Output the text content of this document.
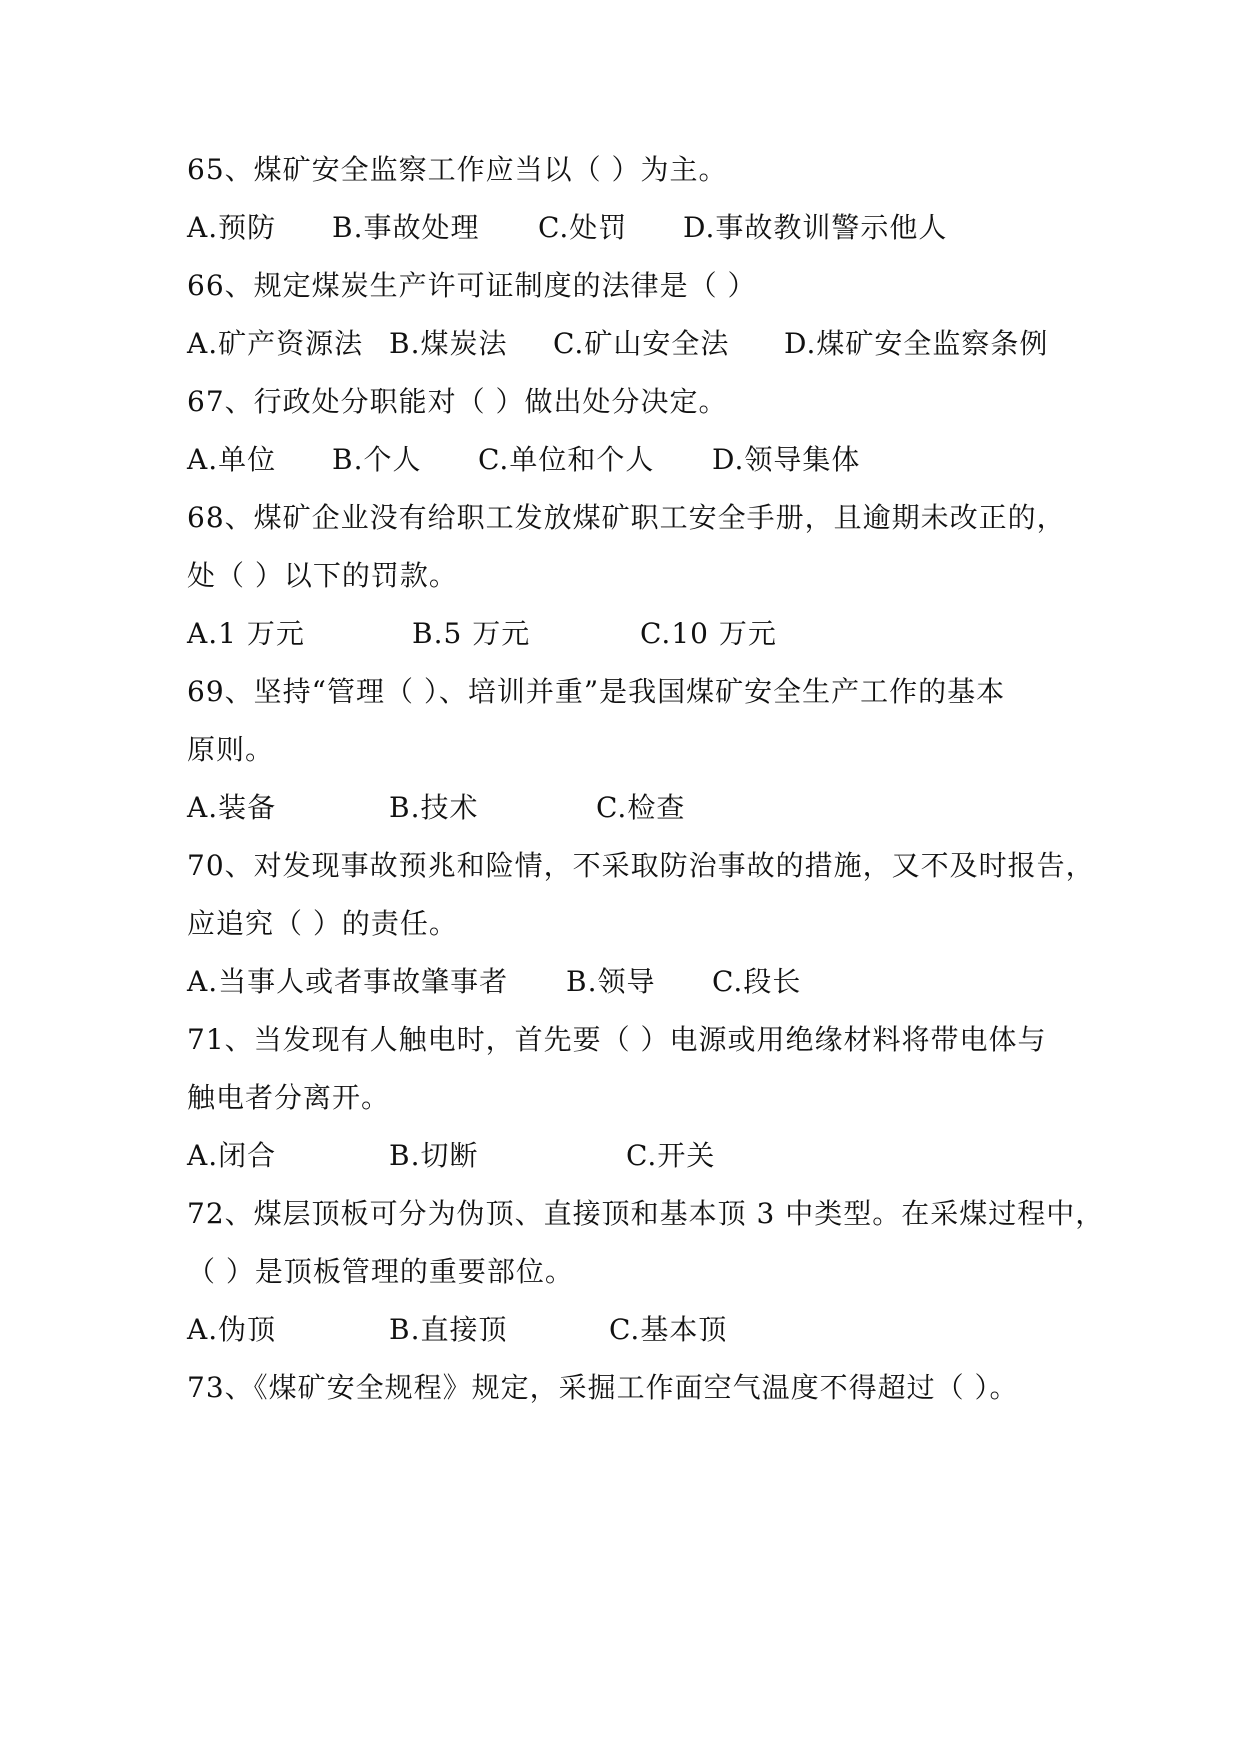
65、煤矿安全监察工作应当以（ ）为主。
A.预防 B.事故处理 C.处罚 D.事故教训警示他人
66、规定煤炭生产许可证制度的法律是（ ）
A.矿产资源法 B.煤炭法 C.矿山安全法 D.煤矿安全监察条例
67、行政处分职能对（ ）做出处分决定。
A.单位 B.个人 C.单位和个人 D.领导集体
68、煤矿企业没有给职工发放煤矿职工安全手册，且逾期未改正的，
处（ ）以下的罚款。
A.1 万元	B.5 万元	C.10 万元
69、坚持“管理（ ）、培训并重”是我国煤矿安全生产工作的基本
原则。
A.装备	B.技术	C.检查
70、对发现事故预兆和险情，不采取防治事故的措施，又不及时报告，
应追究（ ）的责任。
A.当事人或者事故肇事者 B.领导 C.段长
71、当发现有人触电时，首先要（ ）电源或用绝缘材料将带电体与
触电者分离开。
A.闭合	B.切断	C.开关
72、煤层顶板可分为伪顶、直接顶和基本顶 3 中类型。在采煤过程中，
（ ）是顶板管理的重要部位。
A.伪顶	B.直接顶	C.基本顶
73、《煤矿安全规程》规定，采掘工作面空气温度不得超过（ ）。
